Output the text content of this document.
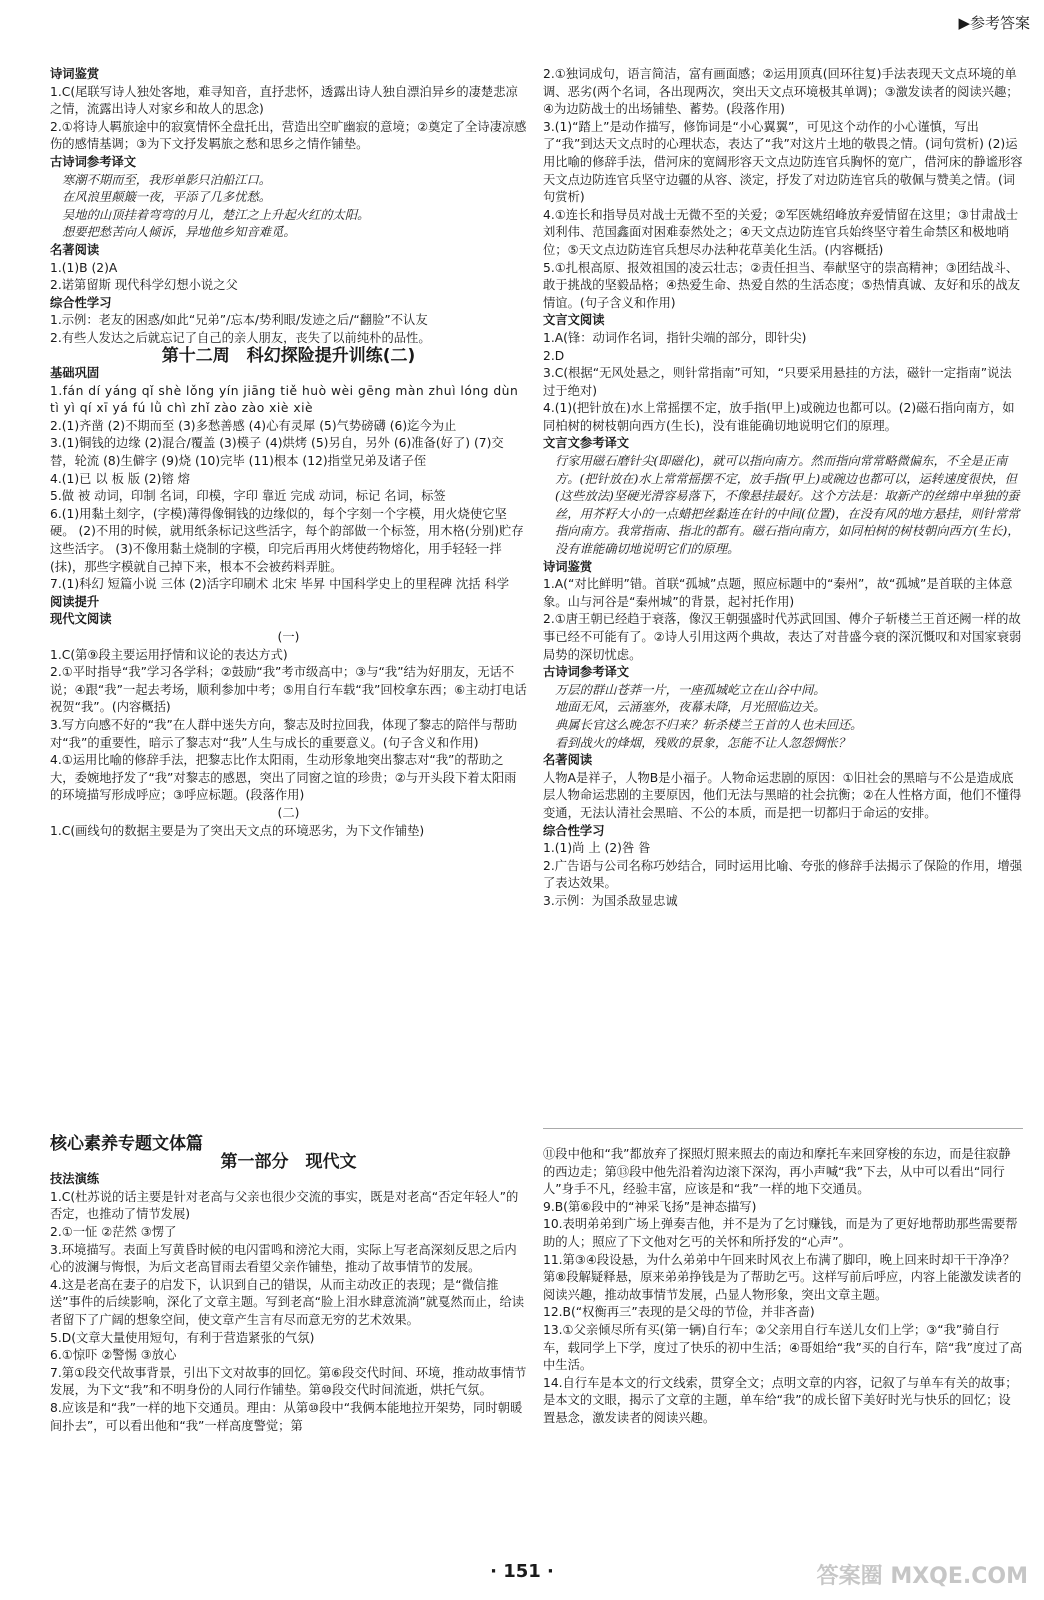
▶参考答案

诗词鉴赏

1.C(尾联写诗人独处客地，难寻知音，直抒悲怀，透露出诗人独自漂泊异乡的凄楚悲凉之情，流露出诗人对家乡和故人的思念)

2.①将诗人羁旅途中的寂寞情怀全盘托出，营造出空旷幽寂的意境；②奠定了全诗凄凉感伤的感情基调；③为下文抒发羁旅之愁和思乡之情作铺垫。

古诗词参考译文

寒潮不期而至，我形单影只泊船江口。

在风浪里颠簸一夜，平添了几多忧愁。

吴地的山顶挂着弯弯的月儿，楚江之上升起火红的太阳。

想要把愁苦向人倾诉，异地他乡知音难觅。

名著阅读

1.(1)B (2)A

2.诺第留斯 现代科学幻想小说之父

综合性学习

1.示例：老友的困惑/如此“兄弟”/忘本/势利眼/发迹之后/“翻脸”不认友

2.有些人发达之后就忘记了自己的亲人朋友，丧失了以前纯朴的品性。

第十二周　科幻探险提升训练(二)

基础巩固

1.fán dí yáng qǐ shè lǒng yín jiāng tiě huò wèi gēng màn zhuì lóng dùn tì yì qí xī yá fú lǜ chì zhǐ zào zào xiè xiè

2.(1)齐凿 (2)不期而至 (3)多愁善感 (4)心有灵犀 (5)气势磅礴 (6)迄今为止

3.(1)铜钱的边缘 (2)混合/覆盖 (3)模子 (4)烘烤 (5)另自，另外 (6)准备(好了) (7)交替，轮流 (8)生僻字 (9)烧 (10)完毕 (11)根本 (12)指堂兄弟及诸子侄

4.(1)已 以 板 版 (2)镕 熔

5.做 被 动词，印制 名词，印模，字印 靠近 完成 动词，标记 名词，标签

6.(1)用黏土刻字，(字模)薄得像铜钱的边缘似的，每个字刻一个字模，用火烧使它坚硬。 (2)不用的时候，就用纸条标记这些活字，每个韵部做一个标签，用木格(分别)贮存这些活字。 (3)不像用黏土烧制的字模，印完后再用火烤使药物熔化，用手轻轻一拌(抹)，那些字模就自己掉下来，根本不会被药料弄脏。

7.(1)科幻 短篇小说 三体 (2)活字印刷术 北宋 毕昇 中国科学史上的里程碑 沈括 科学

阅读提升

现代文阅读

(一)

1.C(第⑨段主要运用抒情和议论的表达方式)

2.①平时指导“我”学习各学科；②鼓励“我”考市级高中；③与“我”结为好朋友，无话不说；④跟“我”一起去考场，顺利参加中考；⑤用自行车载“我”回校拿东西；⑥主动打电话祝贺“我”。(内容概括)

3.写方向感不好的“我”在人群中迷失方向，黎志及时拉回我，体现了黎志的陪伴与帮助对“我”的重要性，暗示了黎志对“我”人生与成长的重要意义。(句子含义和作用)

4.①运用比喻的修辞手法，把黎志比作太阳雨，生动形象地突出黎志对“我”的帮助之大，委婉地抒发了“我”对黎志的感恩，突出了同窗之谊的珍贵；②与开头段下着太阳雨的环境描写形成呼应；③呼应标题。(段落作用)

(二)

1.C(画线句的数据主要是为了突出天文点的环境恶劣，为下文作铺垫)

2.①独词成句，语言简洁，富有画面感；②运用顶真(回环往复)手法表现天文点环境的单调、恶劣(两个名词，各出现两次，突出天文点环境极其单调)；③激发读者的阅读兴趣；④为边防战士的出场铺垫、蓄势。(段落作用)

3.(1)“踏上”是动作描写，修饰词是“小心翼翼”，可见这个动作的小心谨慎，写出了“我”到达天文点时的心理状态，表达了“我”对这片土地的敬畏之情。(词句赏析) (2)运用比喻的修辞手法，借河床的宽阔形容天文点边防连官兵胸怀的宽广，借河床的静谧形容天文点边防连官兵坚守边疆的从容、淡定，抒发了对边防连官兵的敬佩与赞美之情。(词句赏析)

4.①连长和指导员对战士无微不至的关爱；②军医姚绍峰放弃爱情留在这里；③甘肃战士刘利伟、范国鑫面对困难泰然处之；④天文点边防连官兵始终坚守着生命禁区和极地哨位；⑤天文点边防连官兵想尽办法种花草美化生活。(内容概括)

5.①扎根高原、报效祖国的凌云壮志；②责任担当、奉献坚守的崇高精神；③团结战斗、敢于挑战的坚毅品格；④热爱生命、热爱自然的生活态度；⑤热情真诚、友好和乐的战友情谊。(句子含义和作用)

文言文阅读

1.A(锋：动词作名词，指针尖端的部分，即针尖)

2.D

3.C(根据“无风处悬之，则针常指南”可知，“只要采用悬挂的方法，磁针一定指南”说法过于绝对)

4.(1)(把针放在)水上常摇摆不定，放手指(甲上)或碗边也都可以。(2)磁石指向南方，如同柏树的树枝朝向西方(生长)，没有谁能确切地说明它们的原理。

文言文参考译文

行家用磁石磨针尖(即磁化)，就可以指向南方。然而指向常常略微偏东，不全是正南方。(把针放在)水上常常摇摆不定，放手指(甲上)或碗边也都可以，运转速度很快，但(这些放法)坚硬光滑容易落下，不像悬挂最好。这个方法是：取新产的丝绵中单独的蚕丝，用芥籽大小的一点蜡把丝黏连在针的中间(位置)，在没有风的地方悬挂，则针常常指向南方。我常指南、指北的都有。磁石指向南方，如同柏树的树枝朝向西方(生长)，没有谁能确切地说明它们的原理。

诗词鉴赏

1.A(“对比鲜明”错。首联“孤城”点题，照应标题中的“秦州”，故“孤城”是首联的主体意象。山与河谷是“秦州城”的背景，起衬托作用)

2.①唐王朝已经趋于衰落，像汉王朝强盛时代苏武回国、傅介子斩楼兰王首还阙一样的故事已经不可能有了。②诗人引用这两个典故，表达了对昔盛今衰的深沉慨叹和对国家衰弱局势的深切忧虑。

古诗词参考译文

万层的群山苍莽一片，一座孤城屹立在山谷中间。

地面无风，云涌塞外，夜幕未降，月光照临边关。

典属长官这么晚怎不归来？斩杀楼兰王首的人也未回还。

看到战火的烽烟，残败的景象，怎能不让人忽怨惆怅？

名著阅读

人物A是祥子，人物B是小福子。人物命运悲剧的原因：①旧社会的黑暗与不公是造成底层人物命运悲剧的主要原因，他们无法与黑暗的社会抗衡；②在人性格方面，他们不懂得变通，无法认清社会黑暗、不公的本质，而是把一切都归于命运的安排。

综合性学习

1.(1)尚 上 (2)咎 昝

2.广告语与公司名称巧妙结合，同时运用比喻、夸张的修辞手法揭示了保险的作用，增强了表达效果。

3.示例：为国杀敌显忠诚

核心素养专题文体篇

第一部分　现代文

技法演练

1.C(杜苏说的话主要是针对老高与父亲也很少交流的事实，既是对老高“否定年轻人”的否定，也推动了情节发展)

2.①一怔 ②茫然 ③愣了

3.环境描写。表面上写黄昏时候的电闪雷鸣和滂沱大雨，实际上写老高深刻反思之后内心的波澜与悔恨，为后文老高冒雨去看望父亲作铺垫，推动了故事情节的发展。

4.这是老高在妻子的启发下，认识到自己的错误，从而主动改正的表现；是“微信推送”事件的后续影响，深化了文章主题。写到老高“脸上泪水肆意流淌”就戛然而止，给读者留下了广阔的想象空间，使文章产生言有尽而意无穷的艺术效果。

5.D(文章大量使用短句，有利于营造紧张的气氛)

6.①惊吓 ②警惕 ③放心

7.第①段交代故事背景，引出下文对故事的回忆。第⑥段交代时间、环境，推动故事情节发展，为下文“我”和不明身份的人同行作铺垫。第⑩段交代时间流逝，烘托气氛。

8.应该是和“我”一样的地下交通员。理由：从第⑩段中“我俩本能地拉开架势，同时朝暖间扑去”，可以看出他和“我”一样高度警觉；第

⑪段中他和“我”都放弃了探照灯照来照去的南边和摩托车来回穿梭的东边，而是往寂静的西边走；第⑬段中他先沿着沟边滚下深沟，再小声喊“我”下去，从中可以看出“同行人”身手不凡，经验丰富，应该是和“我”一样的地下交通员。

9.B(第⑥段中的“神采飞扬”是神态描写)

10.表明弟弟到广场上弹奏吉他，并不是为了乞讨赚钱，而是为了更好地帮助那些需要帮助的人；照应了下文他对乞丐的关怀和所抒发的“心声”。

11.第③④段设悬，为什么弟弟中午回来时风衣上布满了脚印，晚上回来时却干干净净？第⑧段解疑释悬，原来弟弟挣钱是为了帮助乞丐。这样写前后呼应，内容上能激发读者的阅读兴趣，推动故事情节发展，凸显人物形象，突出文章主题。

12.B(“权衡再三”表现的是父母的节俭，并非吝啬)

13.①父亲倾尽所有买(第一辆)自行车；②父亲用自行车送儿女们上学；③“我”骑自行车，载同学上下学，度过了快乐的初中生活；④哥姐给“我”买的自行车，陪“我”度过了高中生活。

14.自行车是本文的行文线索，贯穿全文；点明文章的内容，记叙了与单车有关的故事；是本文的文眼，揭示了文章的主题，单车给“我”的成长留下美好时光与快乐的回忆；设置悬念，激发读者的阅读兴趣。

· 151 ·	答案圈 MXQE.COM
